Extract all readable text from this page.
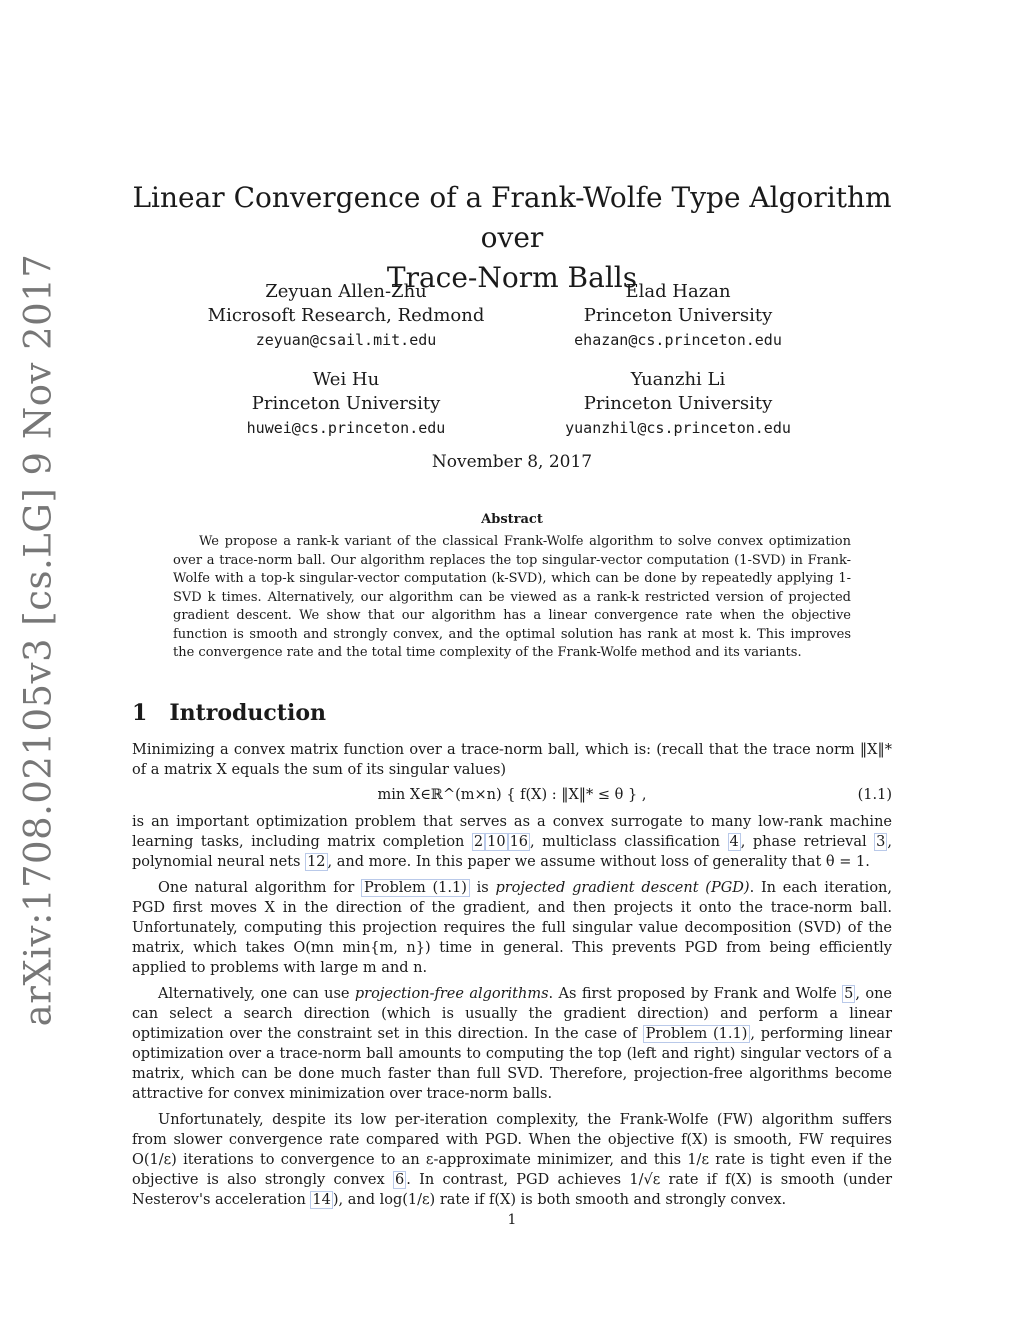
arXiv:1708.02105v3 [cs.LG] 9 Nov 2017
Linear Convergence of a Frank-Wolfe Type Algorithm over
Trace-Norm Balls
Zeyuan Allen-Zhu
Microsoft Research, Redmond
zeyuan@csail.mit.edu
Elad Hazan
Princeton University
ehazan@cs.princeton.edu
Wei Hu
Princeton University
huwei@cs.princeton.edu
Yuanzhi Li
Princeton University
yuanzhil@cs.princeton.edu
November 8, 2017
Abstract
We propose a rank-k variant of the classical Frank-Wolfe algorithm to solve convex optimization over a trace-norm ball. Our algorithm replaces the top singular-vector computation (1-SVD) in Frank-Wolfe with a top-k singular-vector computation (k-SVD), which can be done by repeatedly applying 1-SVD k times. Alternatively, our algorithm can be viewed as a rank-k restricted version of projected gradient descent. We show that our algorithm has a linear convergence rate when the objective function is smooth and strongly convex, and the optimal solution has rank at most k. This improves the convergence rate and the total time complexity of the Frank-Wolfe method and its variants.
1 Introduction

Minimizing a convex matrix function over a trace-norm ball, which is: (recall that the trace norm ‖X‖* of a matrix X equals the sum of its singular values)

min X∈ℝ^(m×n) { f(X) : ‖X‖* ≤ θ } ,	(1.1)

is an important optimization problem that serves as a convex surrogate to many low-rank machine learning tasks, including matrix completion 2 10 16 , multiclass classification 4 , phase retrieval 3 , polynomial neural nets 12 , and more. In this paper we assume without loss of generality that θ = 1.

One natural algorithm for Problem (1.1) is projected gradient descent (PGD). In each iteration, PGD first moves X in the direction of the gradient, and then projects it onto the trace-norm ball. Unfortunately, computing this projection requires the full singular value decomposition (SVD) of the matrix, which takes O(mn min{m, n}) time in general. This prevents PGD from being efficiently applied to problems with large m and n.

Alternatively, one can use projection-free algorithms. As first proposed by Frank and Wolfe 5 , one can select a search direction (which is usually the gradient direction) and perform a linear optimization over the constraint set in this direction. In the case of Problem (1.1) , performing linear optimization over a trace-norm ball amounts to computing the top (left and right) singular vectors of a matrix, which can be done much faster than full SVD. Therefore, projection-free algorithms become attractive for convex minimization over trace-norm balls.

Unfortunately, despite its low per-iteration complexity, the Frank-Wolfe (FW) algorithm suffers from slower convergence rate compared with PGD. When the objective f(X) is smooth, FW requires O(1/ε) iterations to convergence to an ε-approximate minimizer, and this 1/ε rate is tight even if the objective is also strongly convex 6 . In contrast, PGD achieves 1/√ε rate if f(X) is smooth (under Nesterov's acceleration 14 ), and log(1/ε) rate if f(X) is both smooth and strongly convex.

1
